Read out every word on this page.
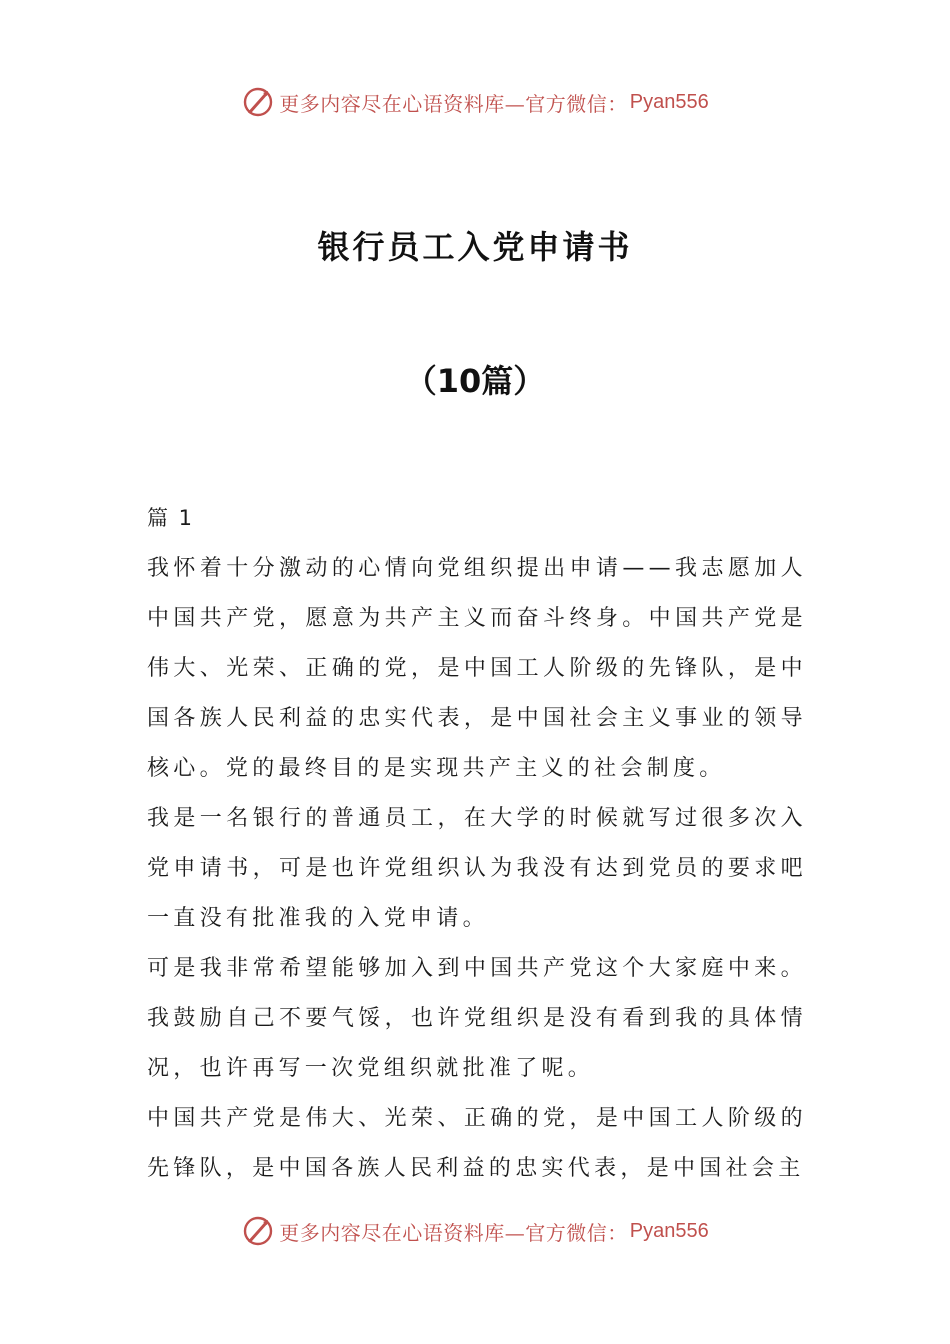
更多内容尽在心语资料库—官方微信： Pyan556
银行员工入党申请书
（10篇）
篇 1

我怀着十分激动的心情向党组织提出申请——我志愿加人中国共产党，愿意为共产主义而奋斗终身。中国共产党是伟大、光荣、正确的党，是中国工人阶级的先锋队，是中国各族人民利益的忠实代表，是中国社会主义事业的领导核心。党的最终目的是实现共产主义的社会制度。

我是一名银行的普通员工，在大学的时候就写过很多次入党申请书，可是也许党组织认为我没有达到党员的要求吧一直没有批准我的入党申请。

可是我非常希望能够加入到中国共产党这个大家庭中来。我鼓励自己不要气馁，也许党组织是没有看到我的具体情况，也许再写一次党组织就批准了呢。

中国共产党是伟大、光荣、正确的党，是中国工人阶级的先锋队，是中国各族人民利益的忠实代表，是中国社会主

更多内容尽在心语资料库—官方微信： Pyan556
